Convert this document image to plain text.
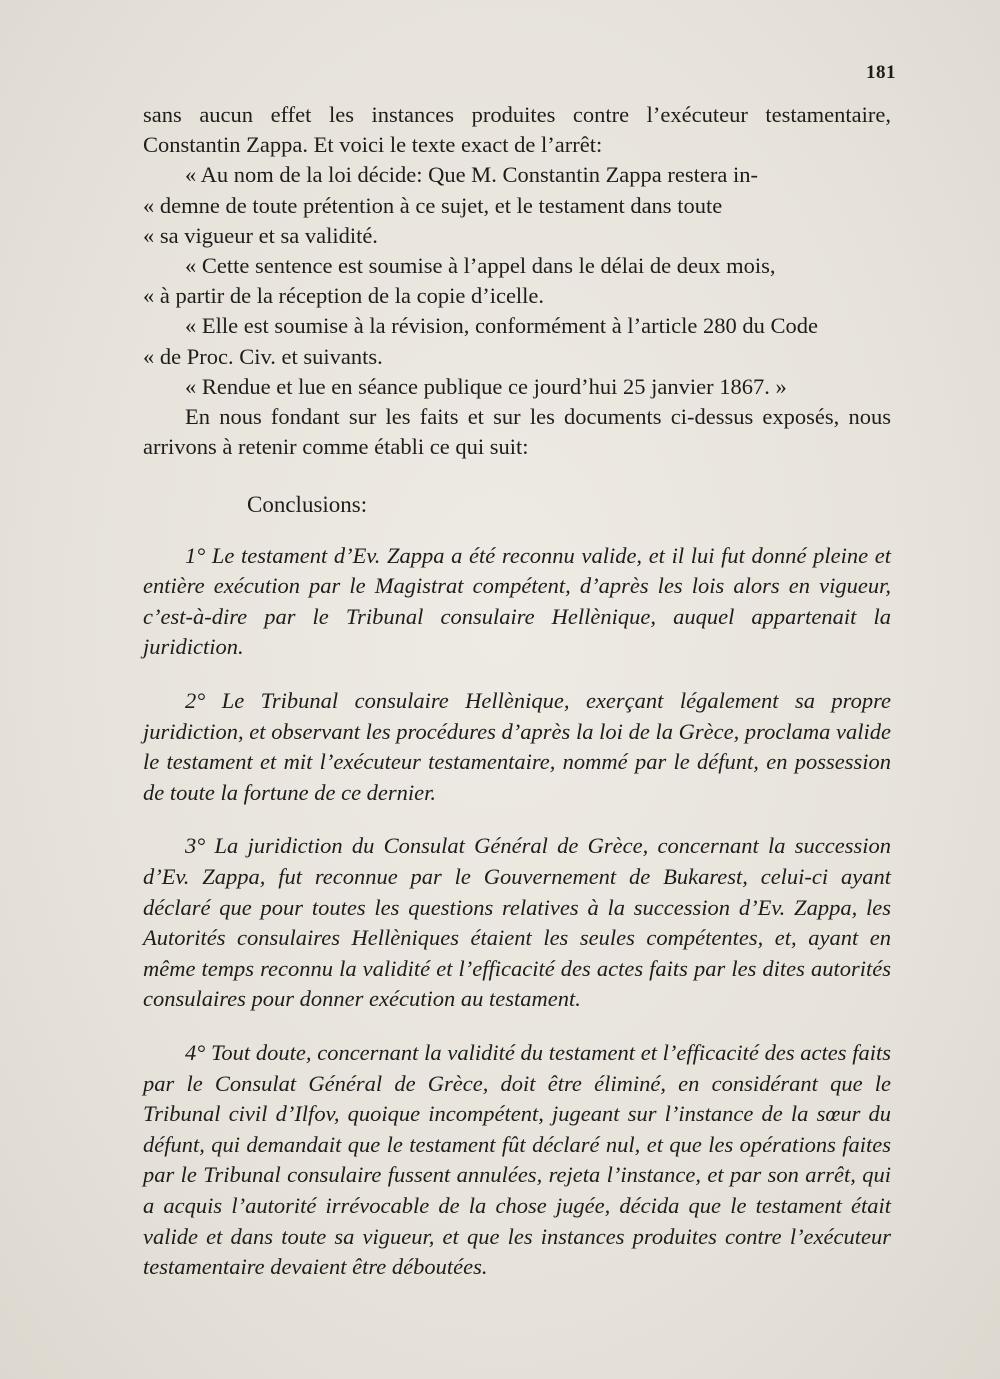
181

sans aucun effet les instances produites contre l’exécuteur testamentaire, Constantin Zappa. Et voici le texte exact de l’arrêt:

« Au nom de la loi décide: Que M. Constantin Zappa restera in-

« demne de toute prétention à ce sujet, et le testament dans toute

« sa vigueur et sa validité.

« Cette sentence est soumise à l’appel dans le délai de deux mois,

« à partir de la réception de la copie d’icelle.

« Elle est soumise à la révision, conformément à l’article 280 du Code

« de Proc. Civ. et suivants.

« Rendue et lue en séance publique ce jourd’hui 25 janvier 1867. »

En nous fondant sur les faits et sur les documents ci-dessus exposés, nous arrivons à retenir comme établi ce qui suit:

Conclusions:

1° Le testament d’Ev. Zappa a été reconnu valide, et il lui fut donné pleine et entière exécution par le Magistrat compétent, d’après les lois alors en vigueur, c’est-à-dire par le Tribunal consulaire Hellènique, auquel appartenait la juridiction.

2° Le Tribunal consulaire Hellènique, exerçant légalement sa propre juridiction, et observant les procédures d’après la loi de la Grèce, proclama valide le testament et mit l’exécuteur testamentaire, nommé par le défunt, en possession de toute la fortune de ce dernier.

3° La juridiction du Consulat Général de Grèce, concernant la succession d’Ev. Zappa, fut reconnue par le Gouvernement de Bukarest, celui-ci ayant déclaré que pour toutes les questions relatives à la succession d’Ev. Zappa, les Autorités consulaires Hellèniques étaient les seules compétentes, et, ayant en même temps reconnu la validité et l’efficacité des actes faits par les dites autorités consulaires pour donner exécution au testament.

4° Tout doute, concernant la validité du testament et l’efficacité des actes faits par le Consulat Général de Grèce, doit être éliminé, en considérant que le Tribunal civil d’Ilfov, quoique incompétent, jugeant sur l’instance de la sœur du défunt, qui demandait que le testament fût déclaré nul, et que les opérations faites par le Tribunal consulaire fussent annulées, rejeta l’instance, et par son arrêt, qui a acquis l’autorité irrévocable de la chose jugée, décida que le testament était valide et dans toute sa vigueur, et que les instances produites contre l’exécuteur testamentaire devaient être déboutées.
